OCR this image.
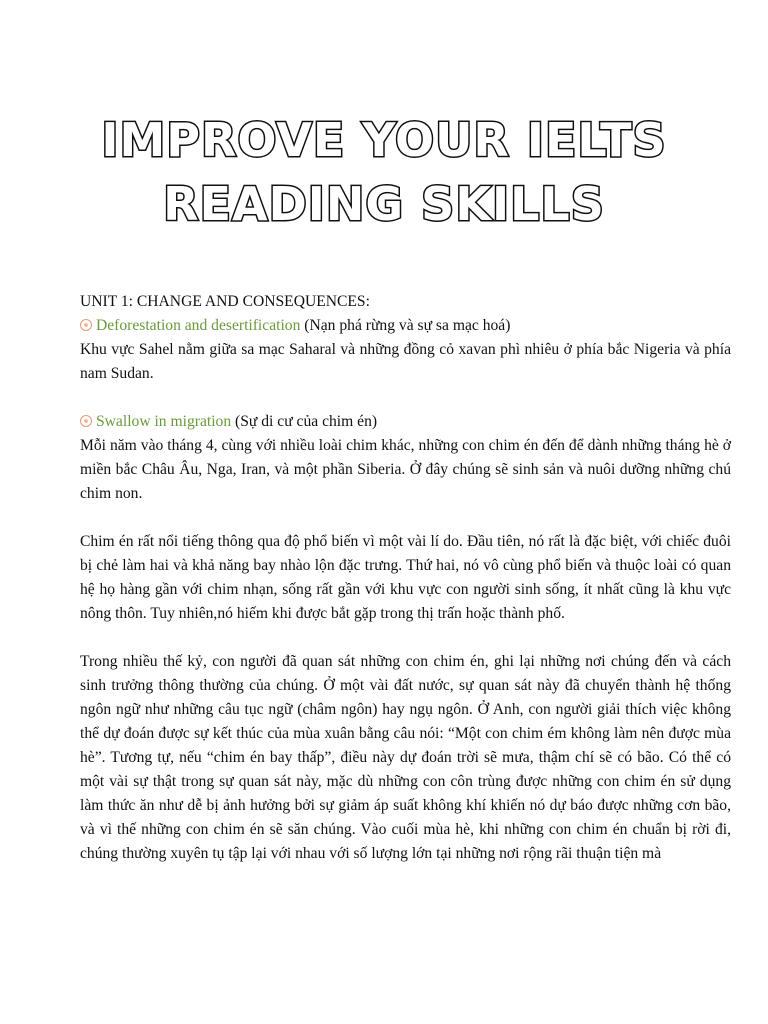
IMPROVE YOUR IELTS
READING SKILLS

UNIT 1: CHANGE AND CONSEQUENCES:

Deforestation and desertification (Nạn phá rừng và sự sa mạc hoá)

Khu vực Sahel nằm giữa sa mạc Saharal và những đồng cỏ xavan phì nhiêu ở phía bắc Nigeria và phía nam Sudan.

Swallow in migration (Sự di cư của chim én)

Mỗi năm vào tháng 4, cùng với nhiều loài chim khác, những con chim én đến để dành những tháng hè ở miền bắc Châu Âu, Nga, Iran, và một phần Siberia. Ở đây chúng sẽ sinh sản và nuôi dưỡng những chú chim non.

Chim én rất nổi tiếng thông qua độ phổ biến vì một vài lí do. Đầu tiên, nó rất là đặc biệt, với chiếc đuôi bị chẻ làm hai và khả năng bay nhào lộn đặc trưng. Thứ hai, nó vô cùng phổ biến và thuộc loài có quan hệ họ hàng gần với chim nhạn, sống rất gần với khu vực con người sinh sống, ít nhất cũng là khu vực nông thôn. Tuy nhiên,nó hiếm khi được bắt gặp trong thị trấn hoặc thành phố.

Trong nhiều thế kỷ, con người đã quan sát những con chim én, ghi lại những nơi chúng đến và cách sinh trưởng thông thường của chúng. Ở một vài đất nước, sự quan sát này đã chuyển thành hệ thống ngôn ngữ như những câu tục ngữ (châm ngôn) hay ngụ ngôn. Ở Anh, con người giải thích việc không thể dự đoán được sự kết thúc của mùa xuân bằng câu nói: “Một con chim ém không làm nên được mùa hè”. Tương tự, nếu “chim én bay thấp”, điều này dự đoán trời sẽ mưa, thậm chí sẽ có bão. Có thể có một vài sự thật trong sự quan sát này, mặc dù những con côn trùng được những con chim én sử dụng làm thức ăn như dễ bị ảnh hưởng bởi sự giảm áp suất không khí khiến nó dự báo được những cơn bão, và vì thế những con chim én sẽ săn chúng. Vào cuối mùa hè, khi những con chim én chuẩn bị rời đi, chúng thường xuyên tụ tập lại với nhau với số lượng lớn tại những nơi rộng rãi thuận tiện mà
